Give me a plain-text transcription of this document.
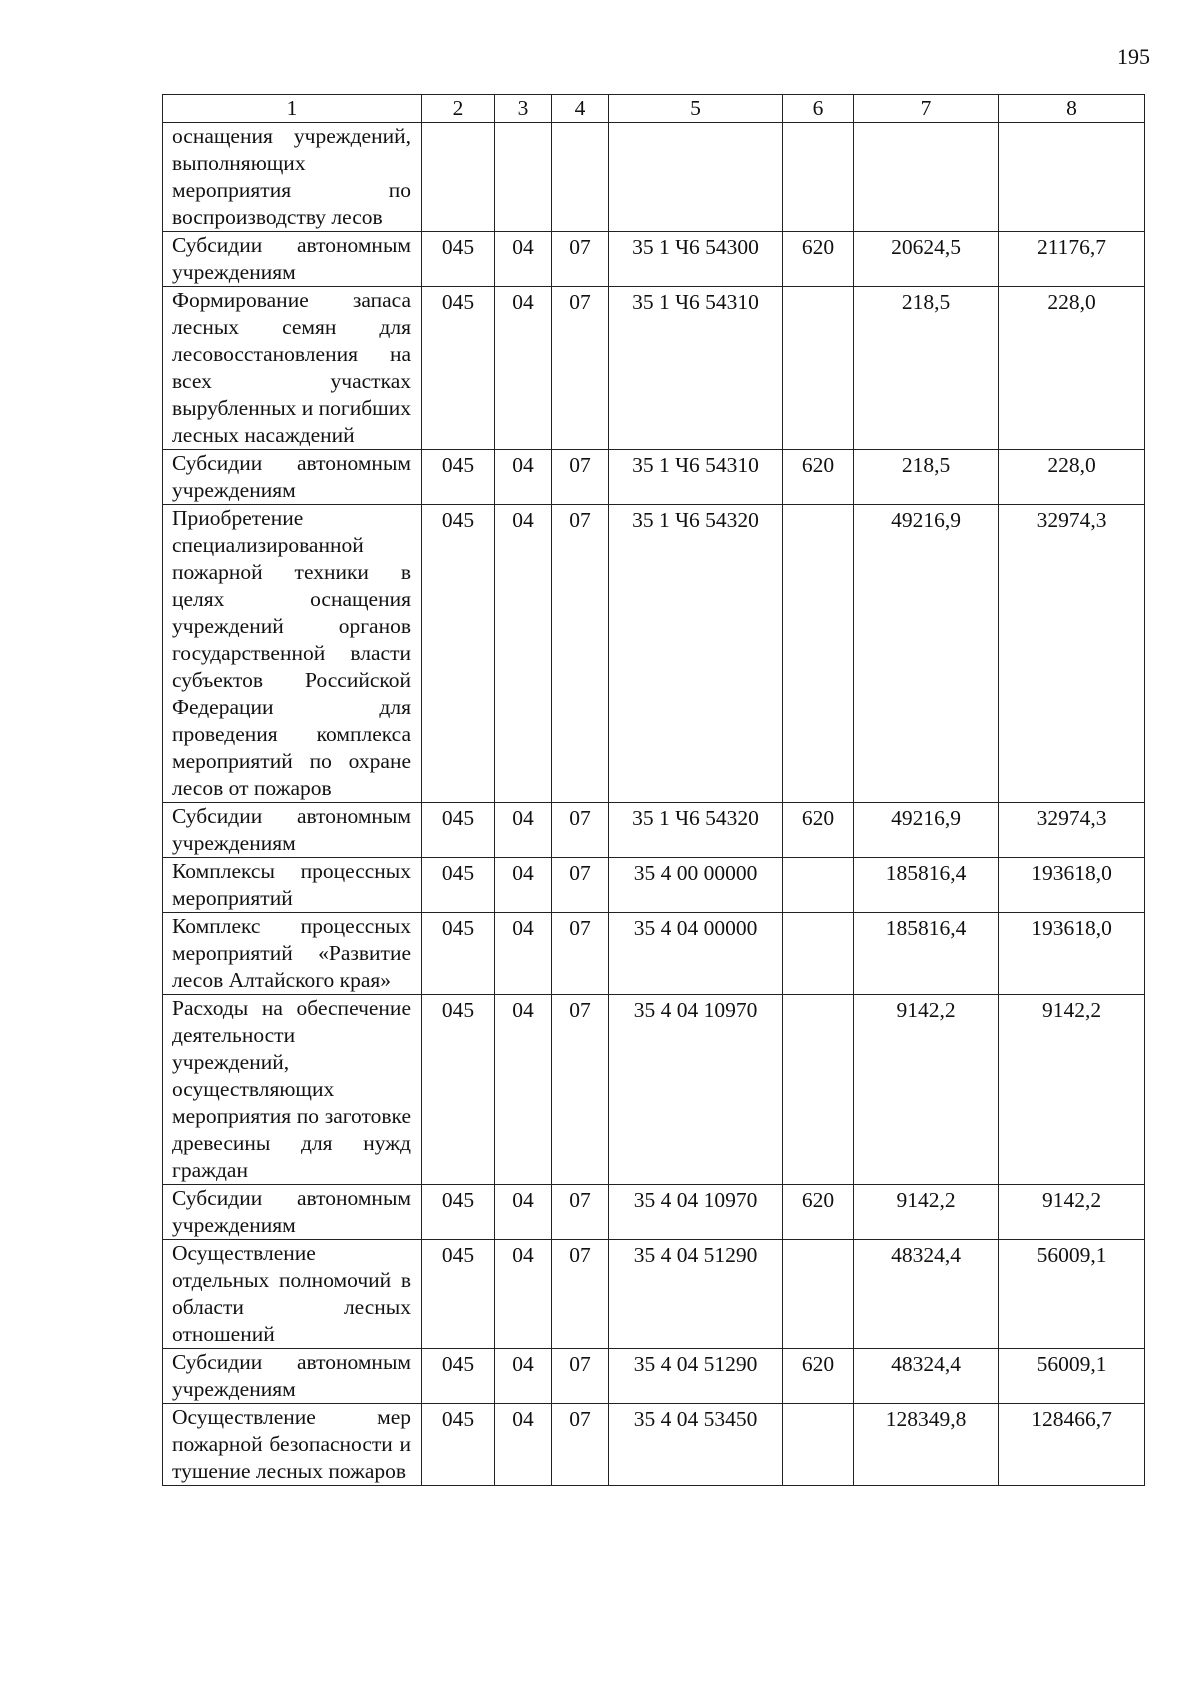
195
1	2	3	4	5	6	7	8
оснащения учреждений, выполняющих мероприятия по воспроизводству лесов							
Субсидии автономным учреждениям	045	04	07	35 1 Ч6 54300	620	20624,5	21176,7
Формирование запаса лесных семян для лесовосстановления на всех участках вырубленных и погибших лесных насаждений	045	04	07	35 1 Ч6 54310		218,5	228,0
Субсидии автономным учреждениям	045	04	07	35 1 Ч6 54310	620	218,5	228,0
Приобретение специализированной пожарной техники в целях оснащения учреждений органов государственной власти субъектов Российской Федерации для проведения комплекса мероприятий по охране лесов от пожаров	045	04	07	35 1 Ч6 54320		49216,9	32974,3
Субсидии автономным учреждениям	045	04	07	35 1 Ч6 54320	620	49216,9	32974,3
Комплексы процессных мероприятий	045	04	07	35 4 00 00000		185816,4	193618,0
Комплекс процессных мероприятий «Развитие лесов Алтайского края»	045	04	07	35 4 04 00000		185816,4	193618,0
Расходы на обеспечение деятельности учреждений, осуществляющих мероприятия по заготовке древесины для нужд граждан	045	04	07	35 4 04 10970		9142,2	9142,2
Субсидии автономным учреждениям	045	04	07	35 4 04 10970	620	9142,2	9142,2
Осуществление отдельных полномочий в области лесных отношений	045	04	07	35 4 04 51290		48324,4	56009,1
Субсидии автономным учреждениям	045	04	07	35 4 04 51290	620	48324,4	56009,1
Осуществление мер пожарной безопасности и тушение лесных пожаров	045	04	07	35 4 04 53450		128349,8	128466,7
